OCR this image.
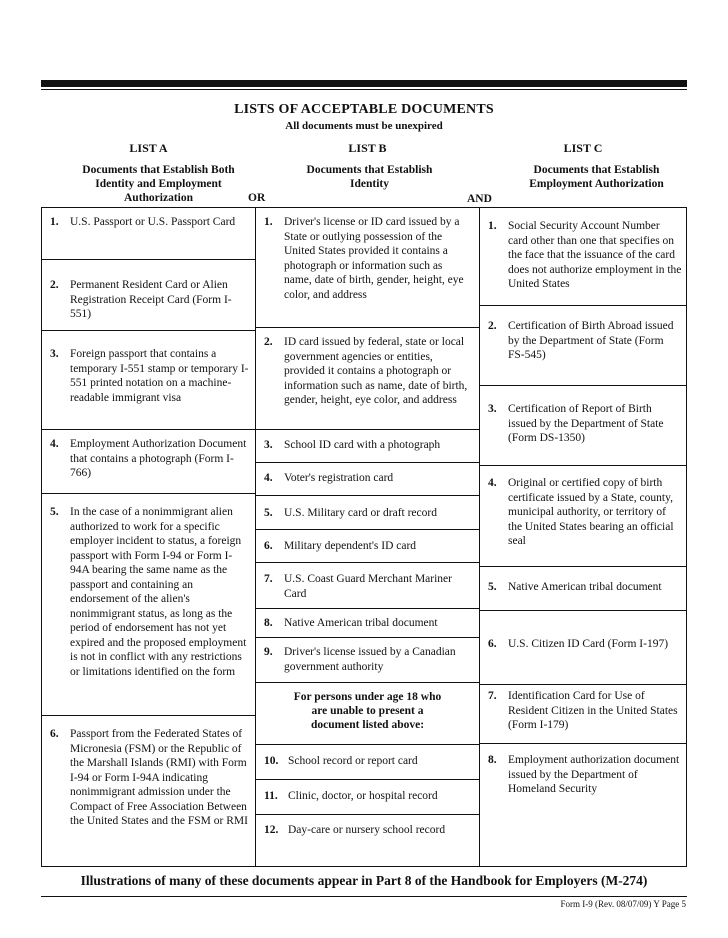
LISTS OF ACCEPTABLE DOCUMENTS
All documents must be unexpired
LIST A	LIST B	LIST C
Documents that Establish Both
Identity and Employment
Authorization
Documents that Establish
Identity
Documents that Establish
Employment Authorization
OR	AND
1. U.S. Passport or U.S. Passport Card
2. Permanent Resident Card or Alien Registration Receipt Card (Form I-551)
3. Foreign passport that contains a temporary I-551 stamp or temporary I-551 printed notation on a machine-readable immigrant visa
4. Employment Authorization Document that contains a photograph (Form I-766)
5. In the case of a nonimmigrant alien authorized to work for a specific employer incident to status, a foreign passport with Form I-94 or Form I-94A bearing the same name as the passport and containing an endorsement of the alien's nonimmigrant status, as long as the period of endorsement has not yet expired and the proposed employment is not in conflict with any restrictions or limitations identified on the form
6. Passport from the Federated States of Micronesia (FSM) or the Republic of the Marshall Islands (RMI) with Form I-94 or Form I-94A indicating nonimmigrant admission under the Compact of Free Association Between the United States and the FSM or RMI
1. Driver's license or ID card issued by a State or outlying possession of the United States provided it contains a photograph or information such as name, date of birth, gender, height, eye color, and address
2. ID card issued by federal, state or local government agencies or entities, provided it contains a photograph or information such as name, date of birth, gender, height, eye color, and address
3. School ID card with a photograph
4. Voter's registration card
5. U.S. Military card or draft record
6. Military dependent's ID card
7. U.S. Coast Guard Merchant Mariner Card
8. Native American tribal document
9. Driver's license issued by a Canadian government authority
For persons under age 18 who
are unable to present a
document listed above:
10. School record or report card
11. Clinic, doctor, or hospital record
12. Day-care or nursery school record
1. Social Security Account Number card other than one that specifies on the face that the issuance of the card does not authorize employment in the United States
2. Certification of Birth Abroad issued by the Department of State (Form FS-545)
3. Certification of Report of Birth issued by the Department of State (Form DS-1350)
4. Original or certified copy of birth certificate issued by a State, county, municipal authority, or territory of the United States bearing an official seal
5. Native American tribal document
6. U.S. Citizen ID Card (Form I-197)
7. Identification Card for Use of Resident Citizen in the United States (Form I-179)
8. Employment authorization document issued by the Department of Homeland Security
Illustrations of many of these documents appear in Part 8 of the Handbook for Employers (M-274)
Form I-9 (Rev. 08/07/09) Y Page 5
